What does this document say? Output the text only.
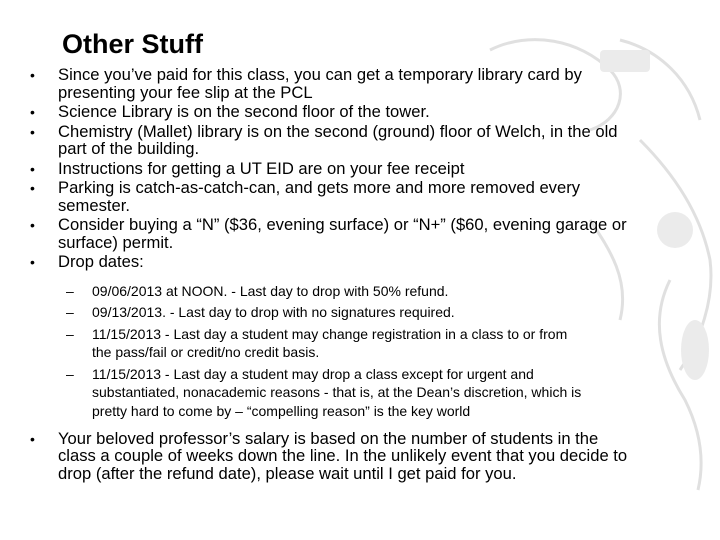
Other Stuff
• Since you’ve paid for this class, you can get a temporary library card by presenting your fee slip at the PCL
• Science Library is on the second floor of the tower.
• Chemistry (Mallet) library is on the second (ground) floor of Welch, in the old part of the building.
• Instructions for getting a UT EID are on your fee receipt
• Parking is catch-as-catch-can, and gets more and more removed every semester.
• Consider buying a “N” ($36, evening surface) or “N+” ($60, evening garage or surface) permit.
• Drop dates:
– 09/06/2013 at NOON. - Last day to drop with 50% refund.
– 09/13/2013. - Last day to drop with no signatures required.
– 11/15/2013 - Last day a student may change registration in a class to or from the pass/fail or credit/no credit basis.
– 11/15/2013 - Last day a student may drop a class except for urgent and substantiated, nonacademic reasons - that is, at the Dean’s discretion, which is pretty hard to come by – “compelling reason” is the key world
• Your beloved professor’s salary is based on the number of students in the class a couple of weeks down the line. In the unlikely event that you decide to drop (after the refund date), please wait until I get paid for you.
